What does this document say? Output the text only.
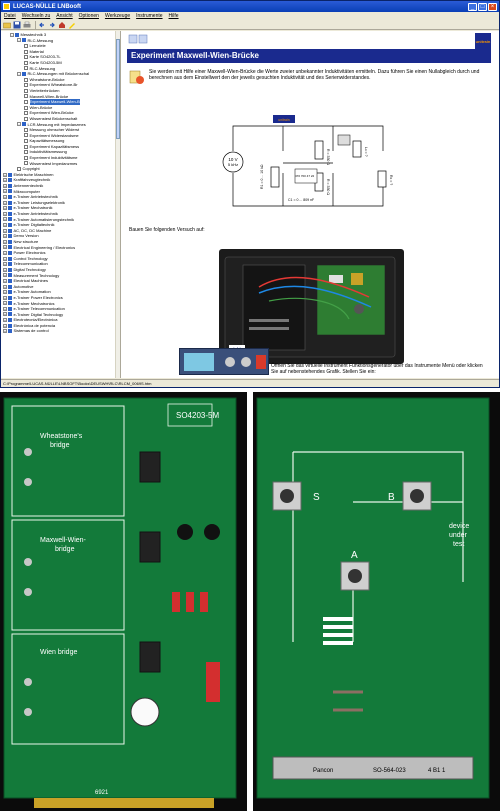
LUCAS-NÜLLE LNBooft	_	□	×
Datei Wechseln zu Ansicht Optionen Werkzeuge Instrumente Hilfe
-	Messtechnik 3
-	RLC-Messung
Lernziele
Material
Karte SO4203-7L
Karte SO4203-5M
RLC-Messung
-	RLC-Messungen mit Brückenschal
Wheatstone-Brücke
Experiment Wheatstone-Br
Vierleiterbrücken
Maxwell-Wien-Brücke
Experiment Maxwell-Wien-B
Wien-Brücke
Experiment Wien-Brücke
Wissenstest Brückenschalt
-	LCR-Messung mit Impedanzmes
Messung ohmscher Widerst
Experiment Widerstandsme
Kapazitätsmessung
Experiment Kapazitätsmess
Induktivitätsmessung
Experiment Induktivitätsme
Wissenstest Impedanzmes
Copyright
+ Elektrische Maschinen
+ Kraftfahrzeugtechnik
+ Antennentechnik
+ Mikrocomputer
+ e-Trainer Antriebstechnik
+ e-Trainer Leistungselektronik
+ e-Trainer Mechatronik
+ e-Trainer Antriebstechnik
+ e-Trainer Automatisierungstechnik
+ e-Trainer Digitaltechnik
+ AC, DC, DC Machine
+ Demo Version
+ New structure
+ Electrical Engineering / Electronics
+ Power Electronics
+ Control Technology
+ Telecommunication
+ Digital Technology
+ Measurement Technology
+ Electrical Machines
+ Automotive
+ e-Trainer Automation
+ e-Trainer Power Electronics
+ e-Trainer Mechatronics
+ e-Trainer Telecommunication
+ e-Trainer Digital Technology
+ Electrotecnia/Electrónica
+ Electrónica de potencia
+ Sistemas de control
Experiment Maxwell-Wien-Brücke
unitrain
Sie werden mit Hilfe einer Maxwell-Wien-Brücke die Werte zweier unbekannter Induktivitäten ermitteln. Dazu führen Sie einen Nullabgleich durch und berechnen aus dem Einstellwert den der jeweils gesuchten Induktivität und des Serienwiderstandes.
10 V
5 kHz	R = 330 Ω
R = 330 Ω
R1 = 0 ... 10 kΩ	470 700 47 22
C1 = 0 ... 809 nF
Lx = ?
Rx = ?
unitrain
Bauen Sie folgenden Versuch auf:
Öffnen Sie das virtuelle Instrument Funktionsgenerator über das Instrumente Menü oder klicken Sie auf nebenstehendes Grafik. Stellen Sie ein:
C:\Programme\LUCAS-NÜLLE\LNBSOFT\Books\DEUSWH\RLC\RLCM_0069S.htm
Wheatstone's
bridge
Maxwell-Wien-
bridge
Wien bridge
SO4203-5M
6921
S	B
A
device
under
test
Pancon	SO-564-023	4 B1 1
